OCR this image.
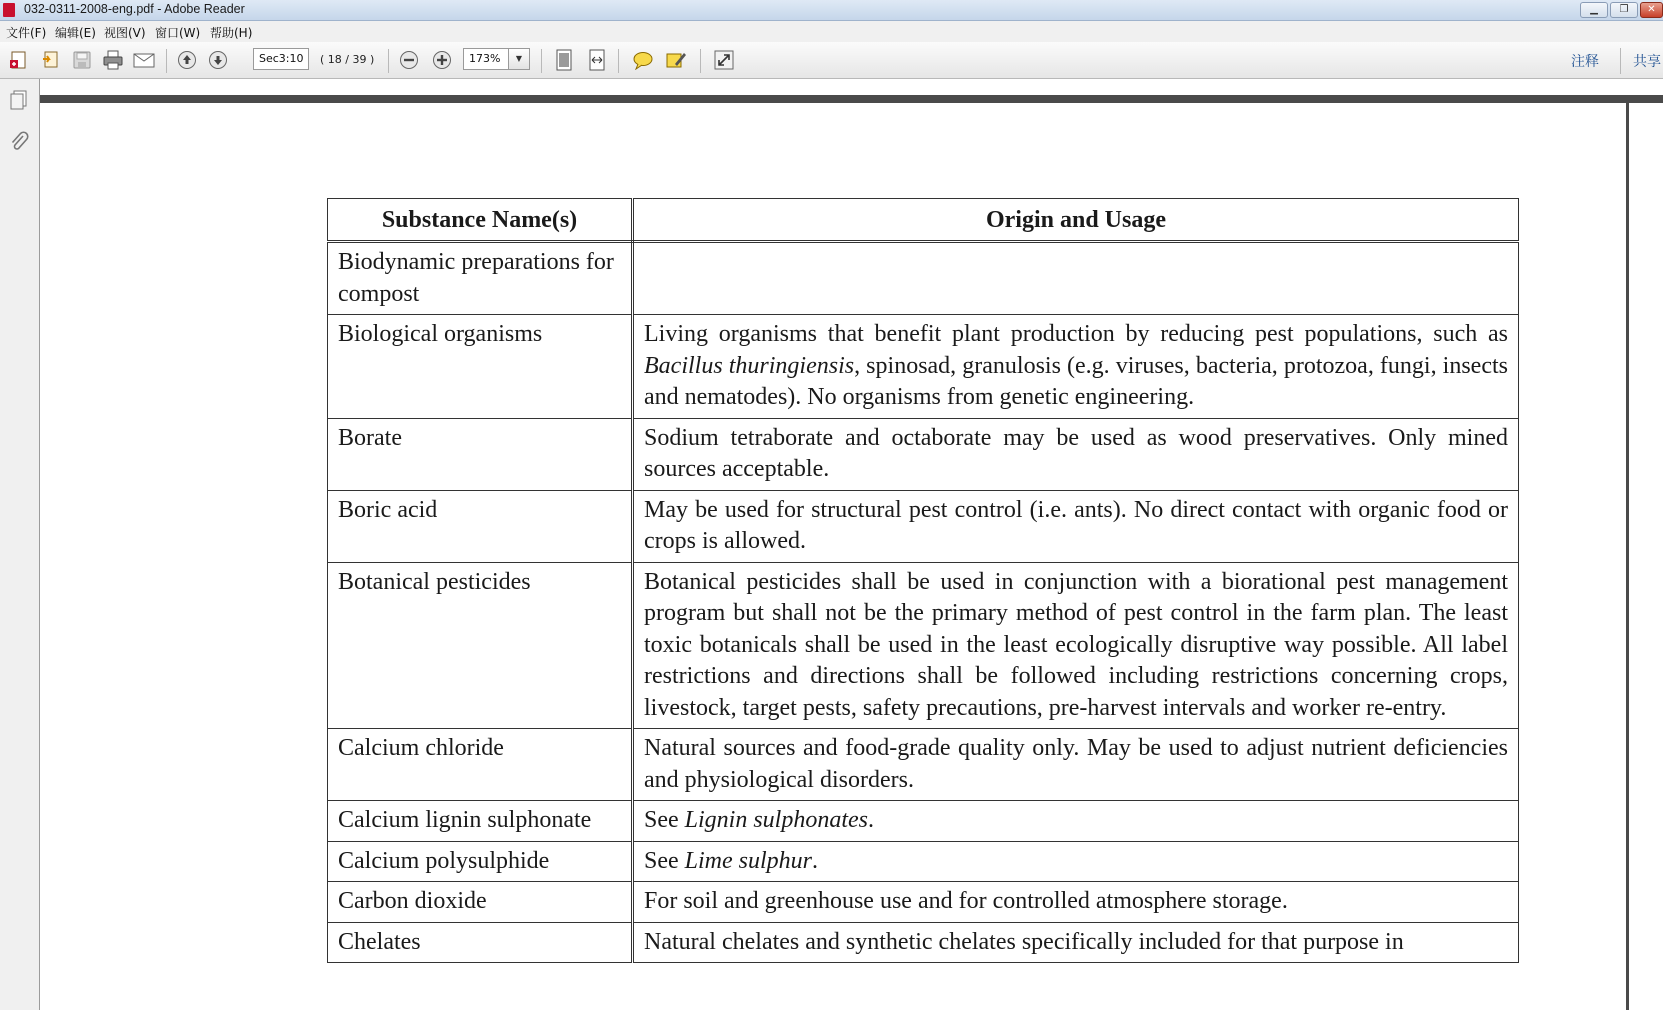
032-0311-2008-eng.pdf - Adobe Reader	▁	❐	✕
文件(F) 编辑(E) 视图(V) 窗口(W) 帮助(H)
Sec3:10	( 18 / 39 )	173%	▼	注释 共享
Substance Name(s)	Origin and Usage
Biodynamic preparations for compost	
Biological organisms	Living organisms that benefit plant production by reducing pest populations, such as Bacillus thuringiensis, spinosad, granulosis (e.g. viruses, bacteria, protozoa, fungi, insects and nematodes). No organisms from genetic engineering.
Borate	Sodium tetraborate and octaborate may be used as wood preservatives. Only mined sources acceptable.
Boric acid	May be used for structural pest control (i.e. ants). No direct contact with organic food or crops is allowed.
Botanical pesticides	Botanical pesticides shall be used in conjunction with a biorational pest management program but shall not be the primary method of pest control in the farm plan. The least toxic botanicals shall be used in the least ecologically disruptive way possible. All label restrictions and directions shall be followed including restrictions concerning crops, livestock, target pests, safety precautions, pre-harvest intervals and worker re-entry.
Calcium chloride	Natural sources and food-grade quality only. May be used to adjust nutrient deficiencies and physiological disorders.
Calcium lignin sulphonate	See Lignin sulphonates.
Calcium polysulphide	See Lime sulphur.
Carbon dioxide	For soil and greenhouse use and for controlled atmosphere storage.
Chelates	Natural chelates and synthetic chelates specifically included for that purpose in
